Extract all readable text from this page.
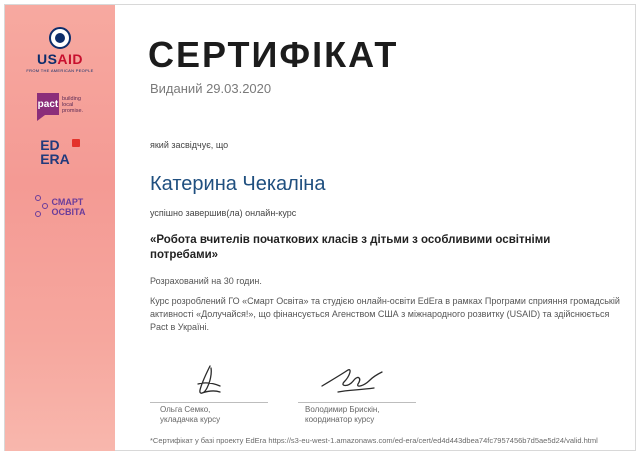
USAID
FROM THE AMERICAN PEOPLE
pact building
local
promise.
ED
ERA
СМАРТ
ОСВІТА
СЕРТИФІКАТ
Виданий 29.03.2020
який засвідчує, що
Катерина Чекаліна
успішно завершив(ла) онлайн-курс
«Робота вчителів початкових класів з дітьми з особливими освітніми потребами»
Розрахований на 30 годин.
Курс розроблений ГО «Смарт Освіта» та студією онлайн-освіти EdEra в рамках Програми сприяння громадській активності «Долучайся!», що фінансується Агенством США з міжнародного розвитку (USAID) та здійснюється Pact в Україні.
Ольга Семко,
укладачка курсу
Володимир Брискін,
координатор курсу
*Сертифікат у базі проекту EdEra https://s3-eu-west-1.amazonaws.com/ed-era/cert/ed4d443dbea74fc7957456b7d5ae5d24/valid.html
